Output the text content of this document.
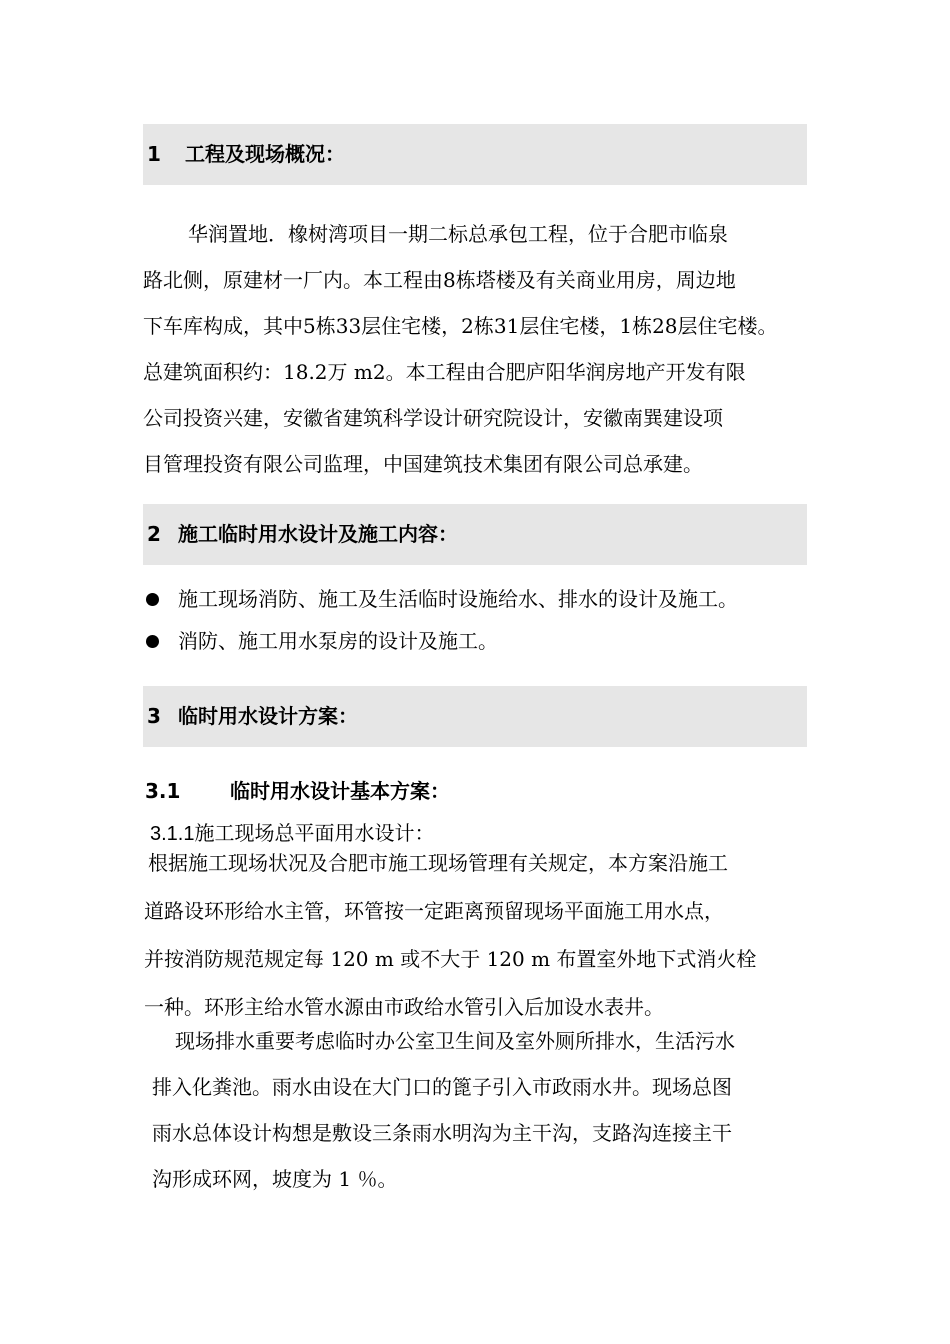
1 工程及现场概况：
华润置地．橡树湾项目一期二标总承包工程，位于合肥市临泉
路北侧，原建材一厂内。本工程由8栋塔楼及有关商业用房，周边地
下车库构成，其中5栋33层住宅楼，2栋31层住宅楼，1栋28层住宅楼。
总建筑面积约：18.2万 m2。本工程由合肥庐阳华润房地产开发有限
公司投资兴建，安徽省建筑科学设计研究院设计，安徽南巽建设项
目管理投资有限公司监理，中国建筑技术集团有限公司总承建。
2 施工临时用水设计及施工内容：
施工现场消防、施工及生活临时设施给水、排水的设计及施工。
消防、施工用水泵房的设计及施工。
3 临时用水设计方案：
3.1 临时用水设计基本方案：
3.1.1施工现场总平面用水设计：
根据施工现场状况及合肥市施工现场管理有关规定，本方案沿施工
道路设环形给水主管，环管按一定距离预留现场平面施工用水点，
并按消防规范规定每 120 m 或不大于 120 m 布置室外地下式消火栓
一种。环形主给水管水源由市政给水管引入后加设水表井。
现场排水重要考虑临时办公室卫生间及室外厕所排水，生活污水
排入化粪池。雨水由设在大门口的篦子引入市政雨水井。现场总图
雨水总体设计构想是敷设三条雨水明沟为主干沟，支路沟连接主干
沟形成环网，坡度为 1 ％。
